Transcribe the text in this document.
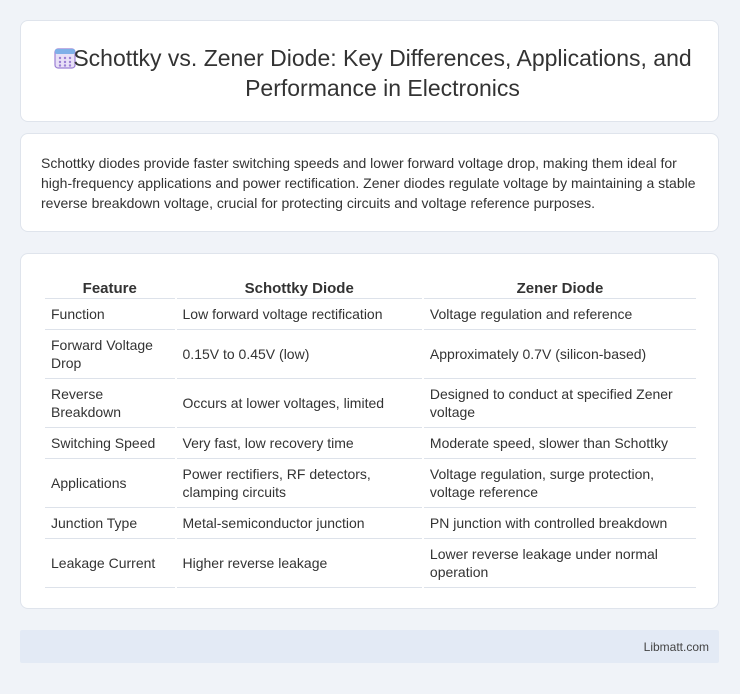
Schottky vs. Zener Diode: Key Differences, Applications, and Performance in Electronics

Schottky diodes provide faster switching speeds and lower forward voltage drop, making them ideal for high-frequency applications and power rectification. Zener diodes regulate voltage by maintaining a stable reverse breakdown voltage, crucial for protecting circuits and voltage reference purposes.

Feature	Schottky Diode	Zener Diode
Function	Low forward voltage rectification	Voltage regulation and reference
Forward Voltage Drop	0.15V to 0.45V (low)	Approximately 0.7V (silicon-based)
Reverse Breakdown	Occurs at lower voltages, limited	Designed to conduct at specified Zener voltage
Switching Speed	Very fast, low recovery time	Moderate speed, slower than Schottky
Applications	Power rectifiers, RF detectors, clamping circuits	Voltage regulation, surge protection, voltage reference
Junction Type	Metal-semiconductor junction	PN junction with controlled breakdown
Leakage Current	Higher reverse leakage	Lower reverse leakage under normal operation
Libmatt.com
